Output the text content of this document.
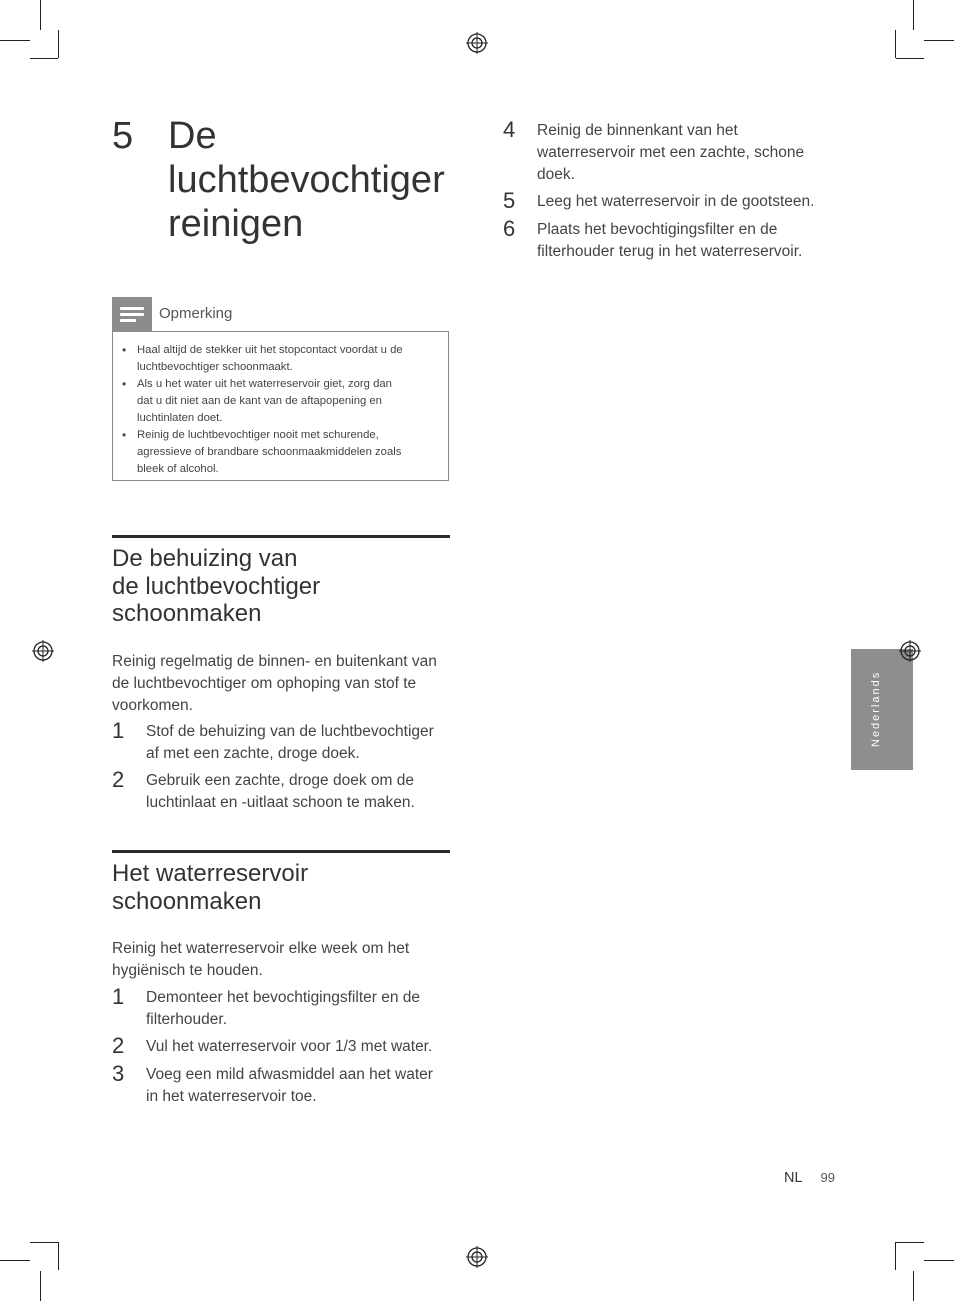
Nederlands
5 De
luchtbevochtiger
reinigen
Opmerking
• Haal altijd de stekker uit het stopcontact voordat u de
luchtbevochtiger schoonmaakt.
• Als u het water uit het waterreservoir giet, zorg dan
dat u dit niet aan de kant van de aftapopening en
luchtinlaten doet.
• Reinig de luchtbevochtiger nooit met schurende,
agressieve of brandbare schoonmaakmiddelen zoals
bleek of alcohol.
De behuizing van
de luchtbevochtiger
schoonmaken
Reinig regelmatig de binnen- en buitenkant van
de luchtbevochtiger om ophoping van stof te
voorkomen.
1 Stof de behuizing van de luchtbevochtiger
af met een zachte, droge doek.
2 Gebruik een zachte, droge doek om de
luchtinlaat en -uitlaat schoon te maken.
Het waterreservoir
schoonmaken
Reinig het waterreservoir elke week om het
hygiënisch te houden.
1 Demonteer het bevochtigingsfilter en de
filterhouder.
2 Vul het waterreservoir voor 1/3 met water.
3 Voeg een mild afwasmiddel aan het water
in het waterreservoir toe.
4 Reinig de binnenkant van het
waterreservoir met een zachte, schone
doek.
5 Leeg het waterreservoir in de gootsteen.
6 Plaats het bevochtigingsfilter en de
filterhouder terug in het waterreservoir.
NL 99
